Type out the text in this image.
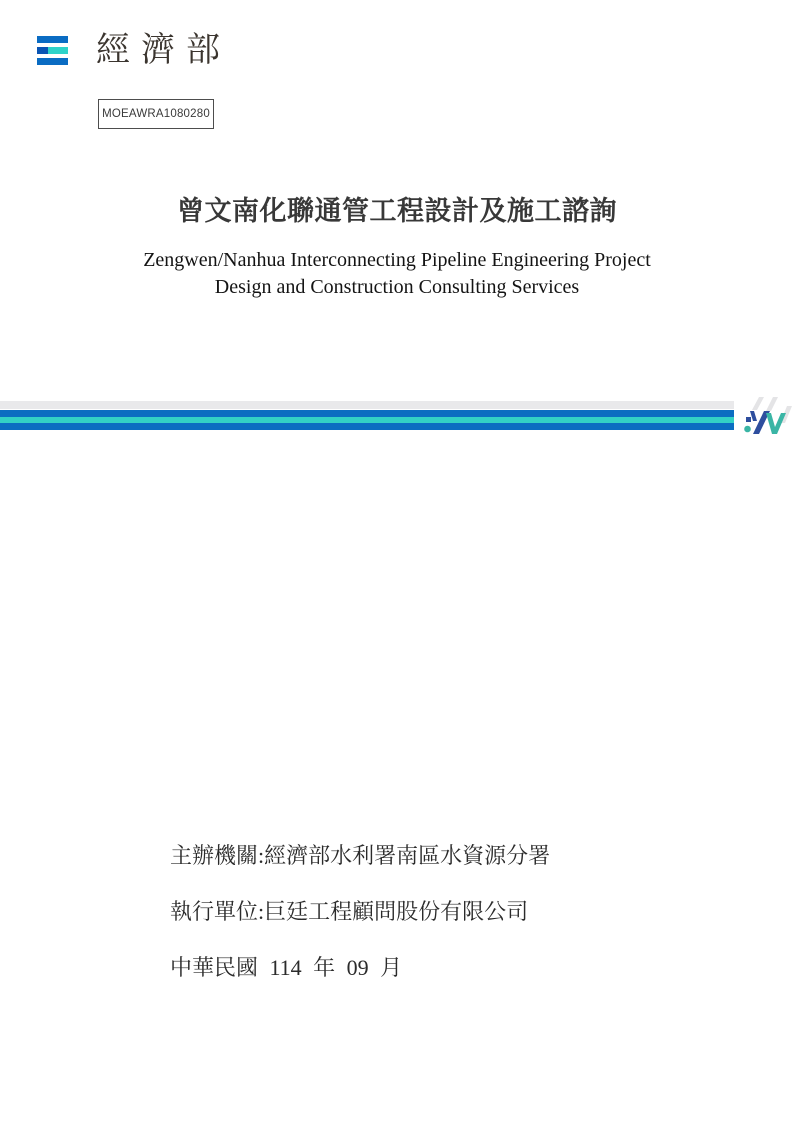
經濟部
MOEAWRA1080280
曾文南化聯通管工程設計及施工諮詢
Zengwen/Nanhua Interconnecting Pipeline Engineering Project
Design and Construction Consulting Services
主辦機關:經濟部水利署南區水資源分署
執行單位:巨廷工程顧問股份有限公司
中華民國 114 年 09 月
